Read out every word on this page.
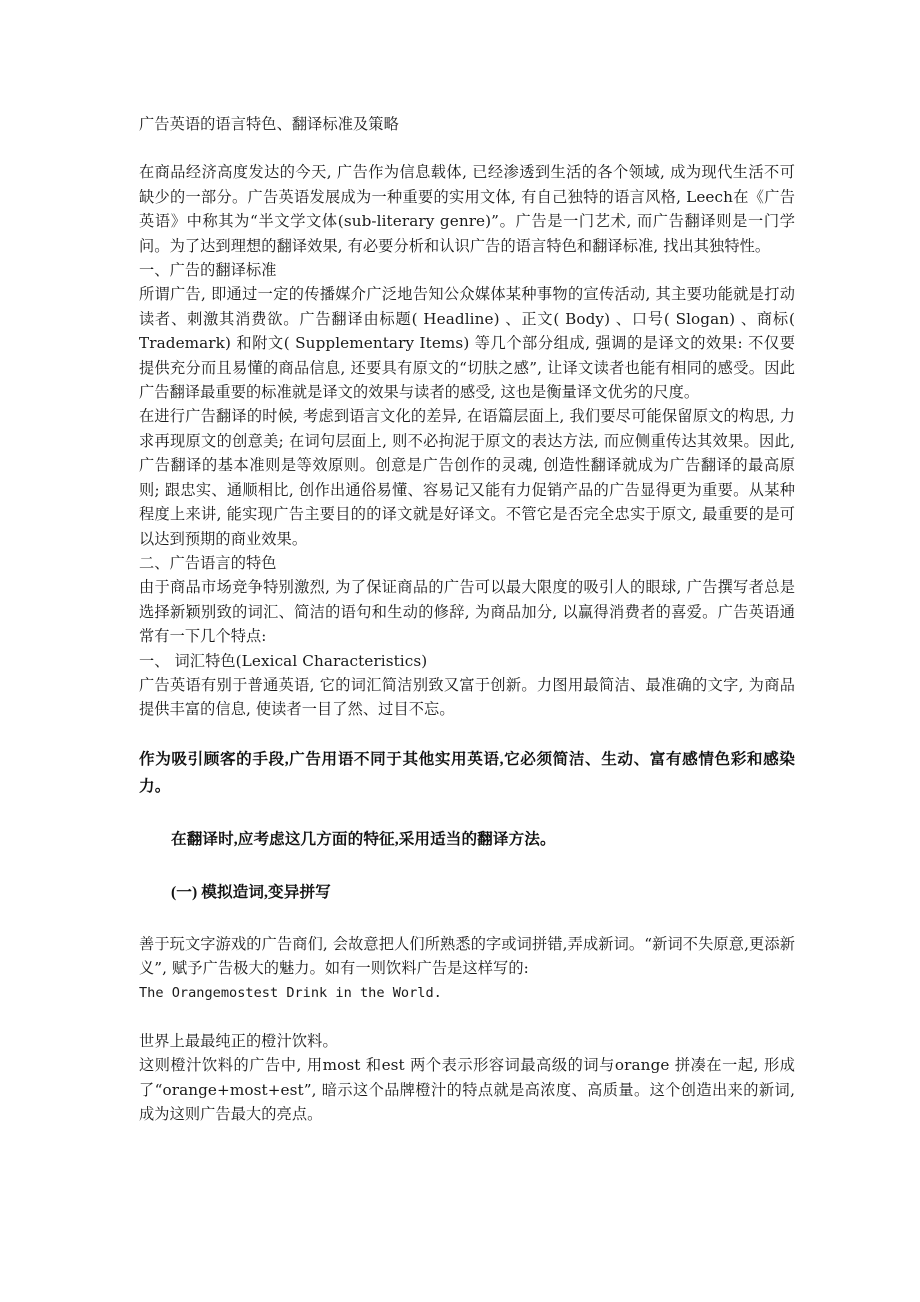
广告英语的语言特色、翻译标准及策略

在商品经济高度发达的今天, 广告作为信息载体, 已经渗透到生活的各个领域, 成为现代生活不可缺少的一部分。广告英语发展成为一种重要的实用文体, 有自己独特的语言风格, Leech在《广告英语》中称其为“半文学文体(sub-literary genre)”。广告是一门艺术, 而广告翻译则是一门学问。为了达到理想的翻译效果, 有必要分析和认识广告的语言特色和翻译标准, 找出其独特性。

一、广告的翻译标准

所谓广告, 即通过一定的传播媒介广泛地告知公众媒体某种事物的宣传活动, 其主要功能就是打动读者、刺激其消费欲。广告翻译由标题( Headline) 、正文( Body) 、口号( Slogan) 、商标( Trademark) 和附文( Supplementary Items) 等几个部分组成, 强调的是译文的效果: 不仅要提供充分而且易懂的商品信息, 还要具有原文的“切肤之感”, 让译文读者也能有相同的感受。因此广告翻译最重要的标准就是译文的效果与读者的感受, 这也是衡量译文优劣的尺度。

在进行广告翻译的时候, 考虑到语言文化的差异, 在语篇层面上, 我们要尽可能保留原文的构思, 力求再现原文的创意美; 在词句层面上, 则不必拘泥于原文的表达方法, 而应侧重传达其效果。因此, 广告翻译的基本准则是等效原则。创意是广告创作的灵魂, 创造性翻译就成为广告翻译的最高原则; 跟忠实、通顺相比, 创作出通俗易懂、容易记又能有力促销产品的广告显得更为重要。从某种程度上来讲, 能实现广告主要目的的译文就是好译文。不管它是否完全忠实于原文, 最重要的是可以达到预期的商业效果。

二、广告语言的特色

由于商品市场竞争特别激烈, 为了保证商品的广告可以最大限度的吸引人的眼球, 广告撰写者总是选择新颖别致的词汇、简洁的语句和生动的修辞, 为商品加分, 以赢得消费者的喜爱。广告英语通常有一下几个特点:

一、 词汇特色(Lexical Characteristics)

广告英语有别于普通英语, 它的词汇简洁别致又富于创新。力图用最简洁、最准确的文字, 为商品提供丰富的信息, 使读者一目了然、过目不忘。

作为吸引顾客的手段,广告用语不同于其他实用英语,它必须简洁、生动、富有感情色彩和感染力。

在翻译时,应考虑这几方面的特征,采用适当的翻译方法。

(一) 模拟造词,变异拼写

善于玩文字游戏的广告商们, 会故意把人们所熟悉的字或词拼错,弄成新词。“新词不失原意,更添新义”, 赋予广告极大的魅力。如有一则饮料广告是这样写的:

The Orangemostest Drink in the World.

世界上最最纯正的橙汁饮料。

这则橙汁饮料的广告中, 用most 和est 两个表示形容词最高级的词与orange 拼凑在一起, 形成了“orange+most+est”, 暗示这个品牌橙汁的特点就是高浓度、高质量。这个创造出来的新词, 成为这则广告最大的亮点。
